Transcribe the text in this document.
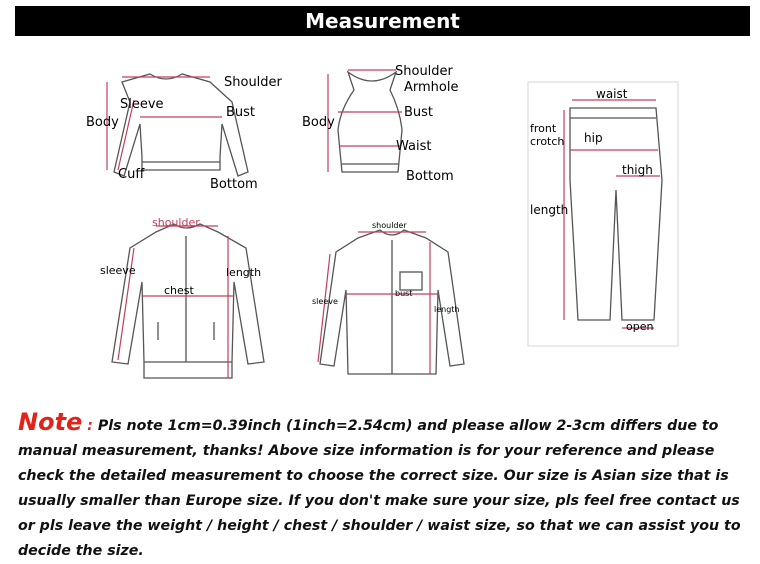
Measurement
Body
Sleeve
Shoulder
Bust
Cuff
Bottom
Shoulder
Armhole
Bust
Body
Waist
Bottom
waist
front
crotch hip
thigh
length
open
shoulder
sleeve	length
chest
shoulder
sleeve
bust
length
Note : Pls note 1cm=0.39inch (1inch=2.54cm) and please allow 2-3cm differs due to manual measurement, thanks! Above size information is for your reference and please check the detailed measurement to choose the correct size. Our size is Asian size that is usually smaller than Europe size. If you don't make sure your size, pls feel free contact us or pls leave the weight / height / chest / shoulder / waist size, so that we can assist you to decide the size.
